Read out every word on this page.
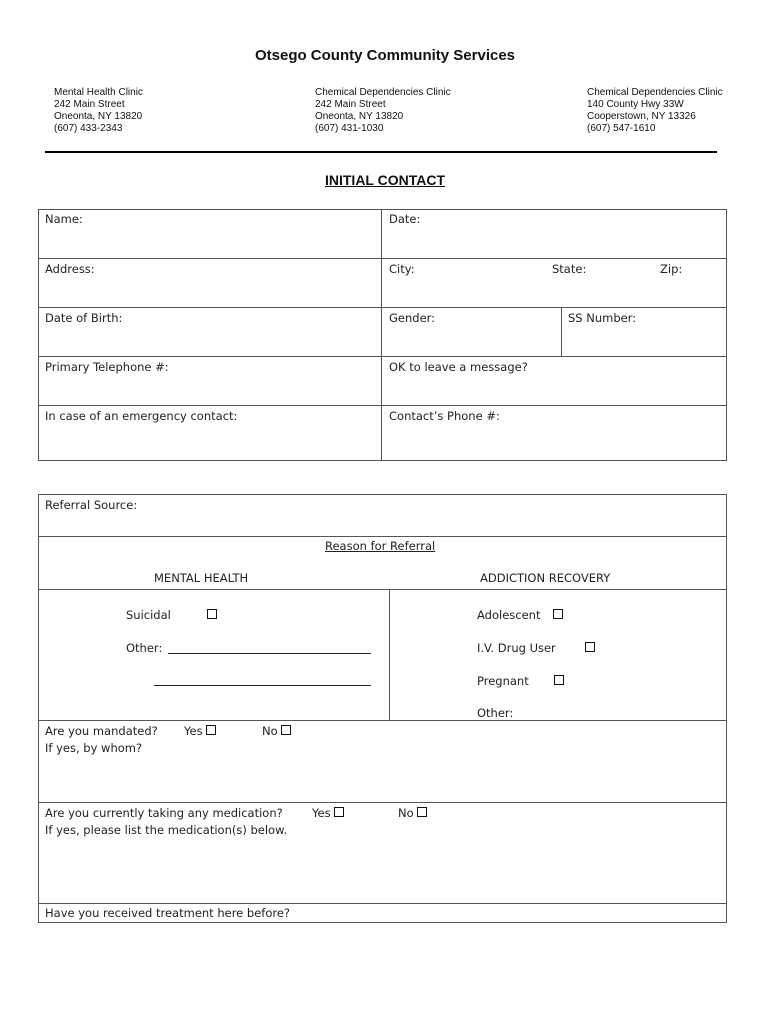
Otsego County Community Services
Mental Health Clinic
242 Main Street
Oneonta, NY 13820
(607) 433-2343
Chemical Dependencies Clinic
242 Main Street
Oneonta, NY 13820
(607) 431-1030
Chemical Dependencies Clinic
140 County Hwy 33W
Cooperstown, NY 13326
(607) 547-1610
INITIAL CONTACT
Name:	Date:
Address:	City:	State:	Zip:
Date of Birth:	Gender:	SS Number:
Primary Telephone #:	OK to leave a message?
In case of an emergency contact:	Contact’s Phone #:
Referral Source:
Reason for Referral
MENTAL HEALTH	ADDICTION RECOVERY
Suicidal
Other:
Adolescent
I.V. Drug User
Pregnant
Other:
Are you mandated? Yes	No
If yes, by whom?
Are you currently taking any medication?	Yes	No
If yes, please list the medication(s) below.
Have you received treatment here before?
